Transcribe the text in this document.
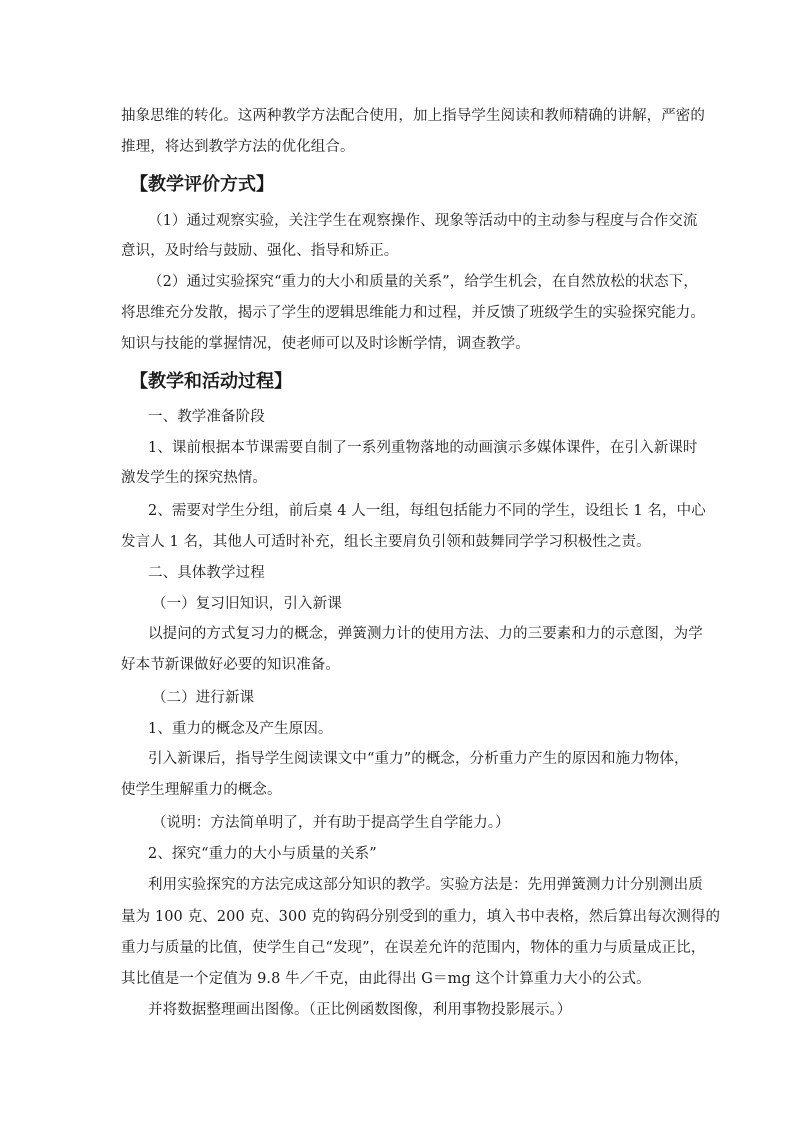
抽象思维的转化。这两种教学方法配合使用，加上指导学生阅读和教师精确的讲解，严密的
推理，将达到教学方法的优化组合。
【教学评价方式】
（1）通过观察实验，关注学生在观察操作、现象等活动中的主动参与程度与合作交流
意识，及时给与鼓励、强化、指导和矫正。
（2）通过实验探究“重力的大小和质量的关系”，给学生机会，在自然放松的状态下，
将思维充分发散，揭示了学生的逻辑思维能力和过程，并反馈了班级学生的实验探究能力。
知识与技能的掌握情况，使老师可以及时诊断学情，调查教学。
【教学和活动过程】
一、教学准备阶段
1、课前根据本节课需要自制了一系列重物落地的动画演示多媒体课件，在引入新课时
激发学生的探究热情。
2、需要对学生分组，前后桌 4 人一组，每组包括能力不同的学生，设组长 1 名，中心
发言人 1 名，其他人可适时补充，组长主要肩负引领和鼓舞同学学习积极性之责。
二、具体教学过程
（一）复习旧知识，引入新课
以提问的方式复习力的概念，弹簧测力计的使用方法、力的三要素和力的示意图，为学
好本节新课做好必要的知识准备。
（二）进行新课
1、重力的概念及产生原因。
引入新课后，指导学生阅读课文中“重力”的概念，分析重力产生的原因和施力物体，
使学生理解重力的概念。
（说明：方法简单明了，并有助于提高学生自学能力。）
2、探究“重力的大小与质量的关系”
利用实验探究的方法完成这部分知识的教学。实验方法是：先用弹簧测力计分别测出质
量为 100 克、200 克、300 克的钩码分别受到的重力，填入书中表格，然后算出每次测得的
重力与质量的比值，使学生自己“发现”，在误差允许的范围内，物体的重力与质量成正比，
其比值是一个定值为 9.8 牛／千克，由此得出 G＝mg 这个计算重力大小的公式。
并将数据整理画出图像。（正比例函数图像，利用事物投影展示。）
